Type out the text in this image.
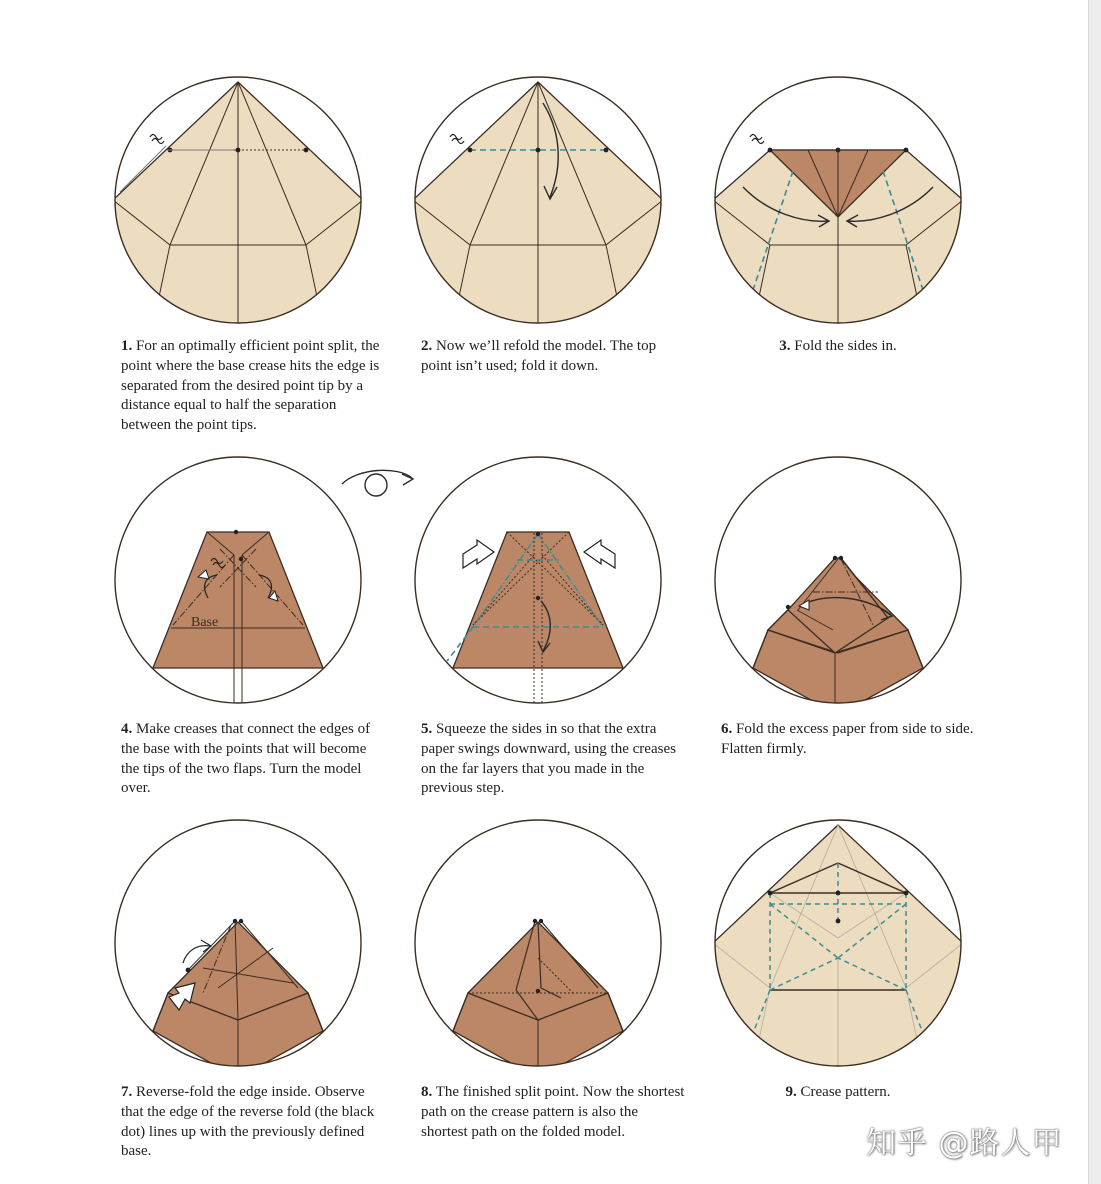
1. For an optimally efficient point split, the point where the base crease hits the edge is separated from the desired point tip by a distance equal to half the separation between the point tips.
2. Now we’ll refold the model. The top point isn’t used; fold it down.
3. Fold the sides in.
Base
4. Make creases that connect the edges of the base with the points that will become the tips of the two flaps. Turn the model over.
5. Squeeze the sides in so that the extra paper swings downward, using the creases on the far layers that you made in the previous step.
6. Fold the excess paper from side to side. Flatten firmly.
7. Reverse-fold the edge inside. Observe that the edge of the reverse fold (the black dot) lines up with the previously defined base.
8. The finished split point. Now the shortest path on the crease pattern is also the shortest path on the folded model.
9. Crease pattern.
知乎 @路人甲
